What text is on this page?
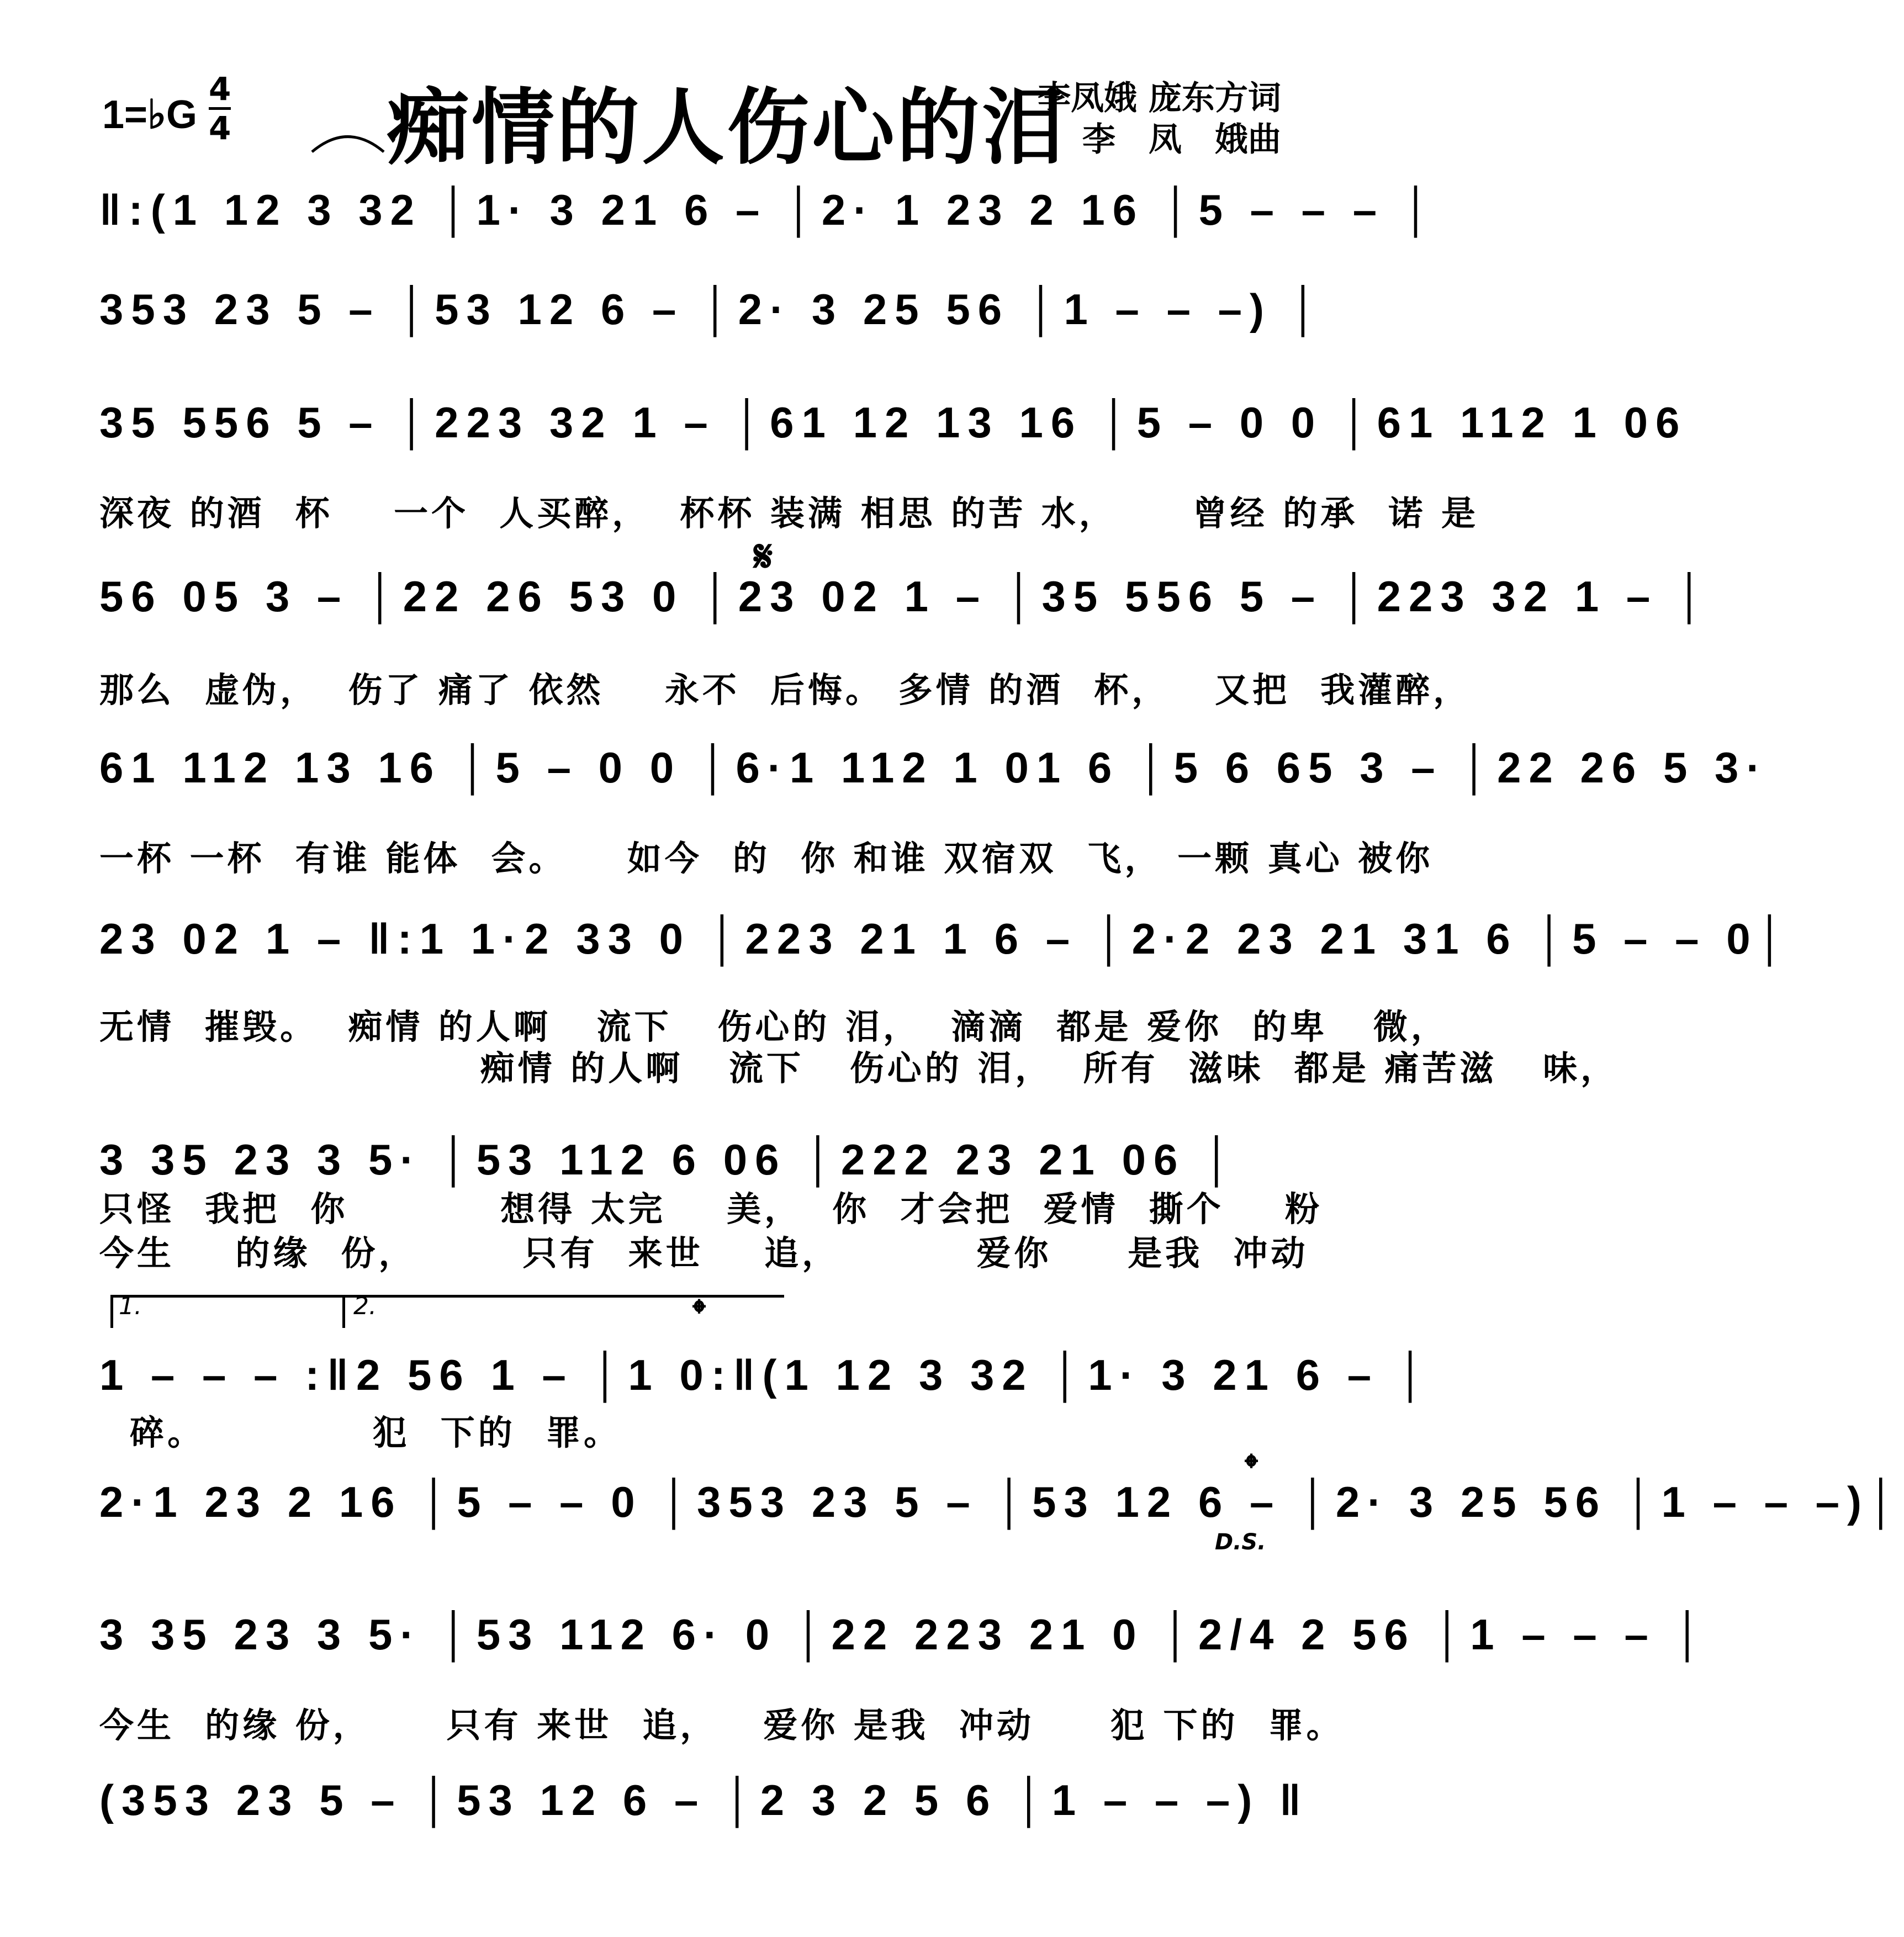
1=♭G
4
4 痴情的人伤心的泪
李凤娥 庞东方词
李　凤　娥曲
‖:(1 12 3 32 │1· 3 21 6 – │2· 1 23 2 16 │5 – – – │
353 23 5 – │53 12 6 – │2· 3 25 56 │1 – – –) │
35 556 5 – │223 32 1 – │61 12 13 16 │5 – 0 0 │61 112 1 06
深夜 的酒  杯    一个  人买醉，  杯杯 装满 相思 的苦 水，     曾经 的承  诺 是
56 05 3 – │22 26 53 0 │23 02 1 – │35 556 5 – │223 32 1 – │
那么  虚伪，  伤了 痛了 依然    永不  后悔。 多情 的酒  杯，   又把  我灌醉，
𝄋
61 112 13 16 │5 – 0 0 │6·1 112 1 01 6 │5 6 65 3 – │22 26 5 3·
一杯 一杯  有谁 能体  会。    如今  的  你 和谁 双宿双  飞， 一颗 真心 被你
23 02 1 – ‖:1 1·2 33 0 │223 21 1 6 – │2·2 23 21 31 6 │5 – – 0│
无情  摧毁。  痴情 的人啊   流下   伤心的 泪，  滴滴  都是 爱你  的卑   微，
痴情 的人啊   流下   伤心的 泪，  所有  滋味  都是 痛苦滋   味，
3 35 23 3 5· │53 112 6 06 │222 23 21 06 │
只怪  我把  你          想得 太完    美，  你  才会把  爱情  撕个    粉
今生    的缘  份，       只有  来世    追，         爱你     是我  冲动
1.	2.	𝄌
1 – – – :‖2 56 1 – │1 0:‖(1 12 3 32 │1· 3 21 6 – │
碎。           犯  下的  罪。
2·1 23 2 16 │5 – – 0 │353 23 5 – │53 12 6 – │2· 3 25 56 │1 – – –)│
𝄌
D.S.
3 35 23 3 5· │53 112 6· 0 │22 223 21 0 │2/4 2 56 │1 – – – │
今生  的缘 份，     只有 来世  追，   爱你 是我  冲动     犯 下的  罪。
(353 23 5 – │53 12 6 – │2 3 2 5 6 │1 – – –) ‖
